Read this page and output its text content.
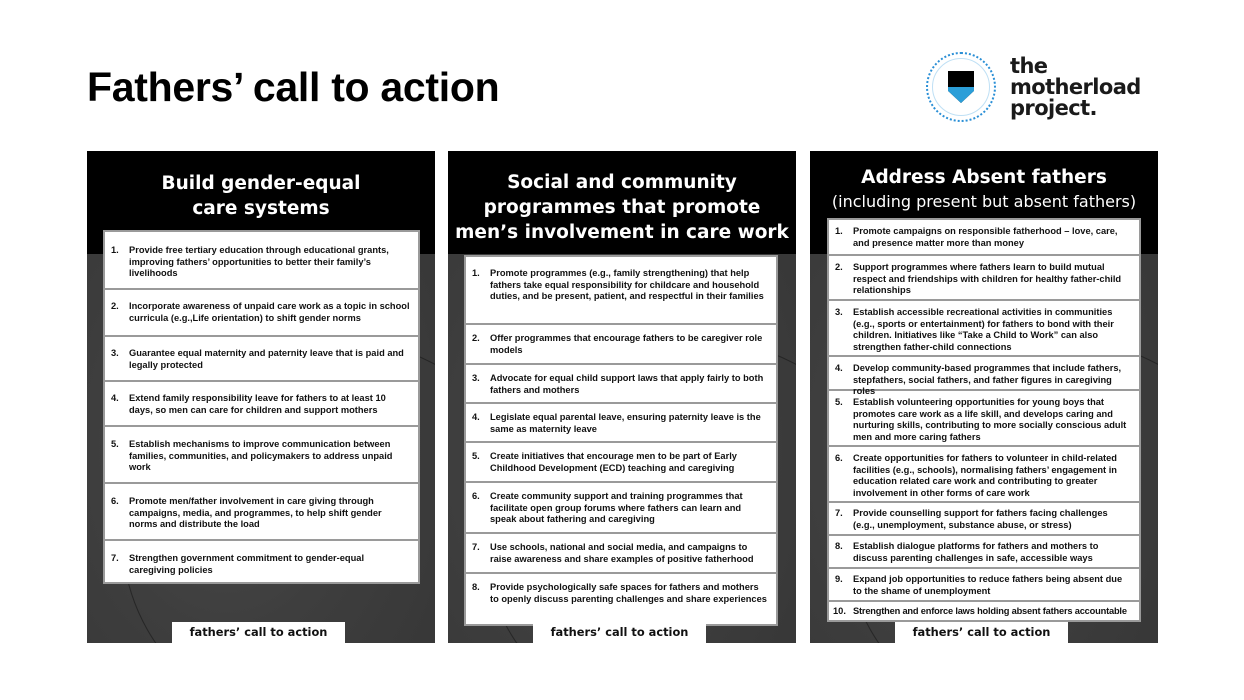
Fathers’ call to action	the
motherload
project.
Build gender-equal
care systems
1.	Provide free tertiary education through educational grants, improving fathers’ opportunities to better their family’s livelihoods
2.	Incorporate awareness of unpaid care work as a topic in school curricula (e.g.,Life orientation) to shift gender norms
3.	Guarantee equal maternity and paternity leave that is paid and legally protected
4.	Extend family responsibility leave for fathers to at least 10 days, so men can care for children and support mothers
5.	Establish mechanisms to improve communication between families, communities, and policymakers to address unpaid work
6.	Promote men/father involvement in care giving through campaigns, media, and programmes, to help shift gender norms and distribute the load
7.	Strengthen government commitment to gender-equal caregiving policies
fathers’ call to action
Social and community
programmes that promote
men’s involvement in care work
1.	Promote programmes (e.g., family strengthening) that help fathers take equal responsibility for childcare and household duties, and be present, patient, and respectful in their families
2.	Offer programmes that encourage fathers to be caregiver role models
3.	Advocate for equal child support laws that apply fairly to both fathers and mothers
4.	Legislate equal parental leave, ensuring paternity leave is the same as maternity leave
5.	Create initiatives that encourage men to be part of Early Childhood Development (ECD) teaching and caregiving
6.	Create community support and training programmes that facilitate open group forums where fathers can learn and speak about fathering and caregiving
7.	Use schools, national and social media, and campaigns to raise awareness and share examples of positive fatherhood
8.	Provide psychologically safe spaces for fathers and mothers to openly discuss parenting challenges and share experiences
fathers’ call to action
Address Absent fathers
(including present but absent fathers)
1.	Promote campaigns on responsible fatherhood – love, care, and presence matter more than money
2.	Support programmes where fathers learn to build mutual respect and friendships with children for healthy father-child relationships
3.	Establish accessible recreational activities in communities (e.g., sports or entertainment) for fathers to bond with their children. Initiatives like “Take a Child to Work” can also strengthen father-child connections
4.	Develop community-based programmes that include fathers, stepfathers, social fathers, and father figures in caregiving roles
5.	Establish volunteering opportunities for young boys that promotes care work as a life skill, and develops caring and nurturing skills, contributing to more socially conscious adult men and more caring fathers
6.	Create opportunities for fathers to volunteer in child-related facilities (e.g., schools), normalising fathers’ engagement in education related care work and contributing to greater involvement in other forms of care work
7.	Provide counselling support for fathers facing challenges (e.g., unemployment, substance abuse, or stress)
8.	Establish dialogue platforms for fathers and mothers to discuss parenting challenges in safe, accessible ways
9.	Expand job opportunities to reduce fathers being absent due to the shame of unemployment
10. Strengthen and enforce laws holding absent fathers accountable
fathers’ call to action
